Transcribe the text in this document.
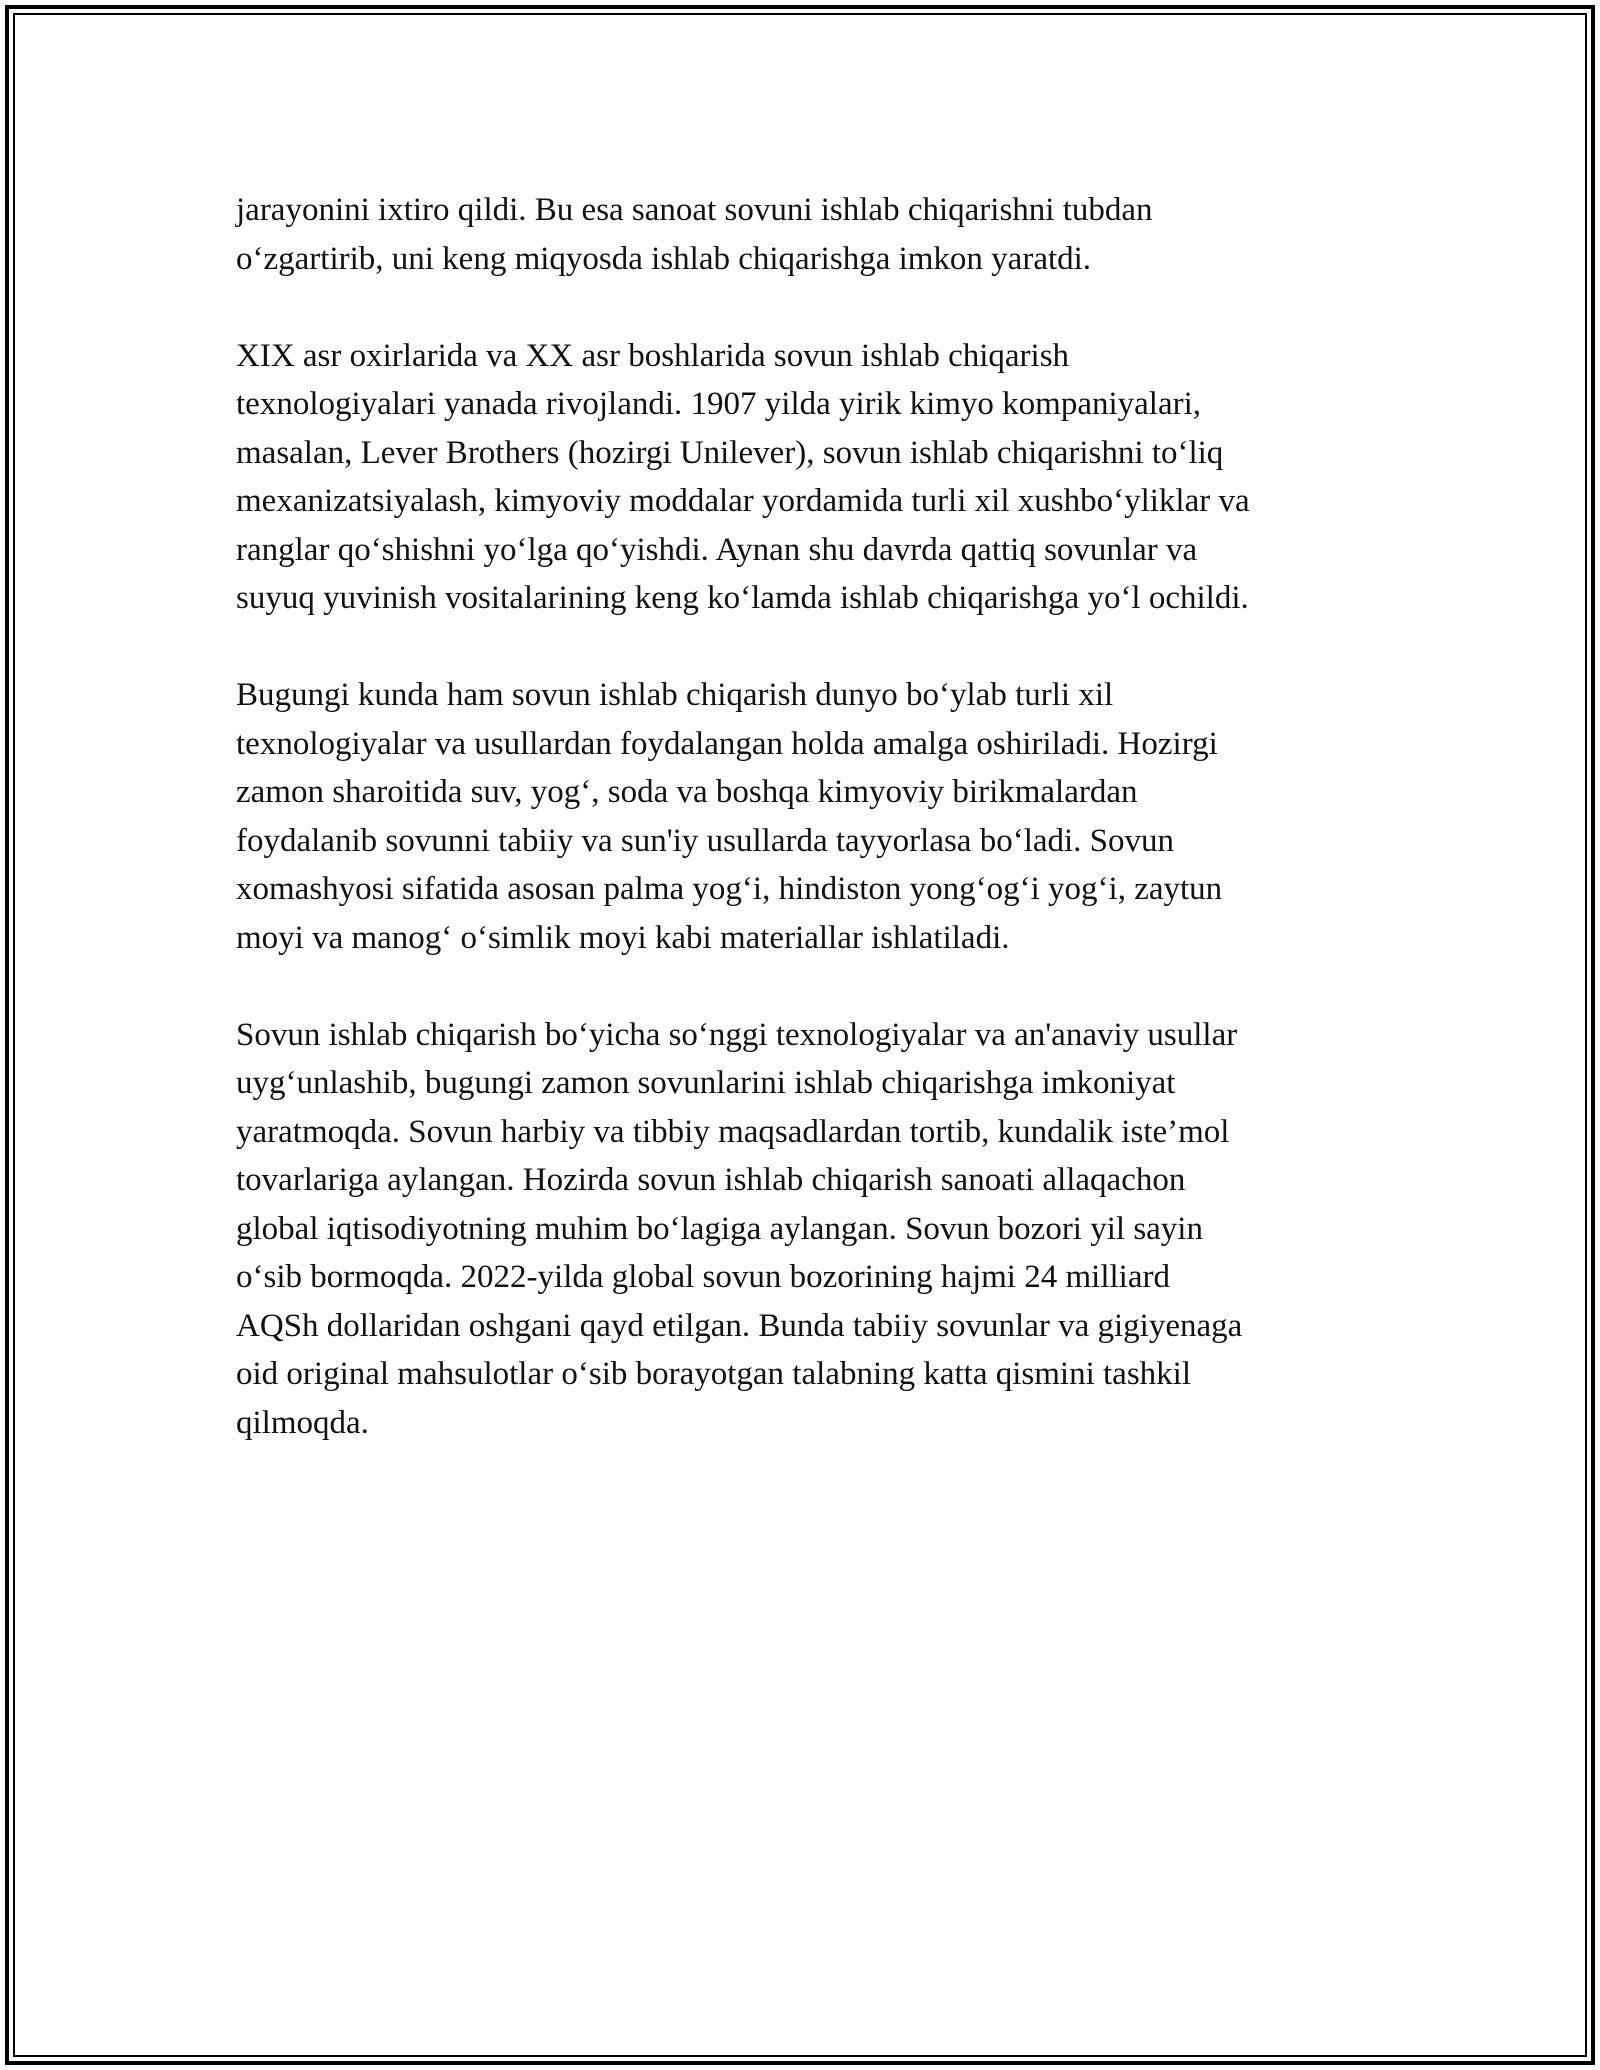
jarayonini ixtiro qildi. Bu esa sanoat sovuni ishlab chiqarishni tubdan
o‘zgartirib, uni keng miqyosda ishlab chiqarishga imkon yaratdi.

XIX asr oxirlarida va XX asr boshlarida sovun ishlab chiqarish
texnologiyalari yanada rivojlandi. 1907 yilda yirik kimyo kompaniyalari,
masalan, Lever Brothers (hozirgi Unilever), sovun ishlab chiqarishni to‘liq
mexanizatsiyalash, kimyoviy moddalar yordamida turli xil xushbo‘yliklar va
ranglar qo‘shishni yo‘lga qo‘yishdi. Aynan shu davrda qattiq sovunlar va
suyuq yuvinish vositalarining keng ko‘lamda ishlab chiqarishga yo‘l ochildi.

Bugungi kunda ham sovun ishlab chiqarish dunyo bo‘ylab turli xil
texnologiyalar va usullardan foydalangan holda amalga oshiriladi. Hozirgi
zamon sharoitida suv, yog‘, soda va boshqa kimyoviy birikmalardan
foydalanib sovunni tabiiy va sun'iy usullarda tayyorlasa bo‘ladi. Sovun
xomashyosi sifatida asosan palma yog‘i, hindiston yong‘og‘i yog‘i, zaytun
moyi va manog‘ o‘simlik moyi kabi materiallar ishlatiladi.

Sovun ishlab chiqarish bo‘yicha so‘nggi texnologiyalar va an'anaviy usullar
uyg‘unlashib, bugungi zamon sovunlarini ishlab chiqarishga imkoniyat
yaratmoqda. Sovun harbiy va tibbiy maqsadlardan tortib, kundalik iste’mol
tovarlariga aylangan. Hozirda sovun ishlab chiqarish sanoati allaqachon
global iqtisodiyotning muhim bo‘lagiga aylangan. Sovun bozori yil sayin
o‘sib bormoqda. 2022-yilda global sovun bozorining hajmi 24 milliard
AQSh dollaridan oshgani qayd etilgan. Bunda tabiiy sovunlar va gigiyenaga
oid original mahsulotlar o‘sib borayotgan talabning katta qismini tashkil
qilmoqda.
